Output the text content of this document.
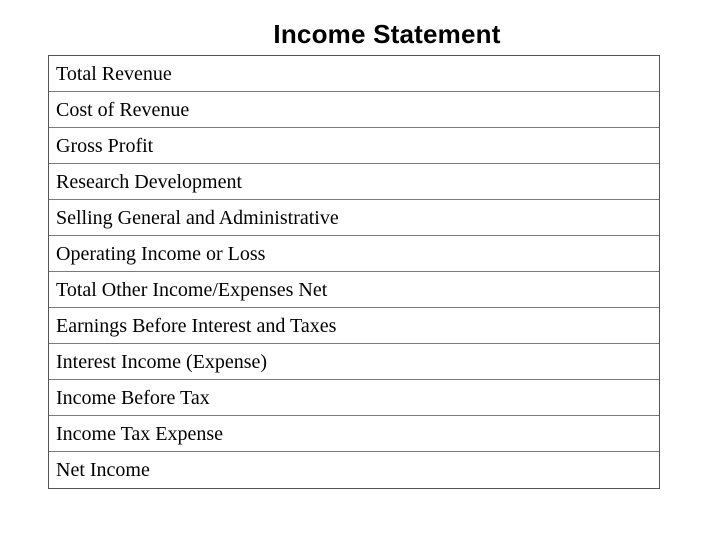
Income Statement
Total Revenue
Cost of Revenue
Gross Profit
Research Development
Selling General and Administrative
Operating Income or Loss
Total Other Income/Expenses Net
Earnings Before Interest and Taxes
Interest Income (Expense)
Income Before Tax
Income Tax Expense
Net Income
